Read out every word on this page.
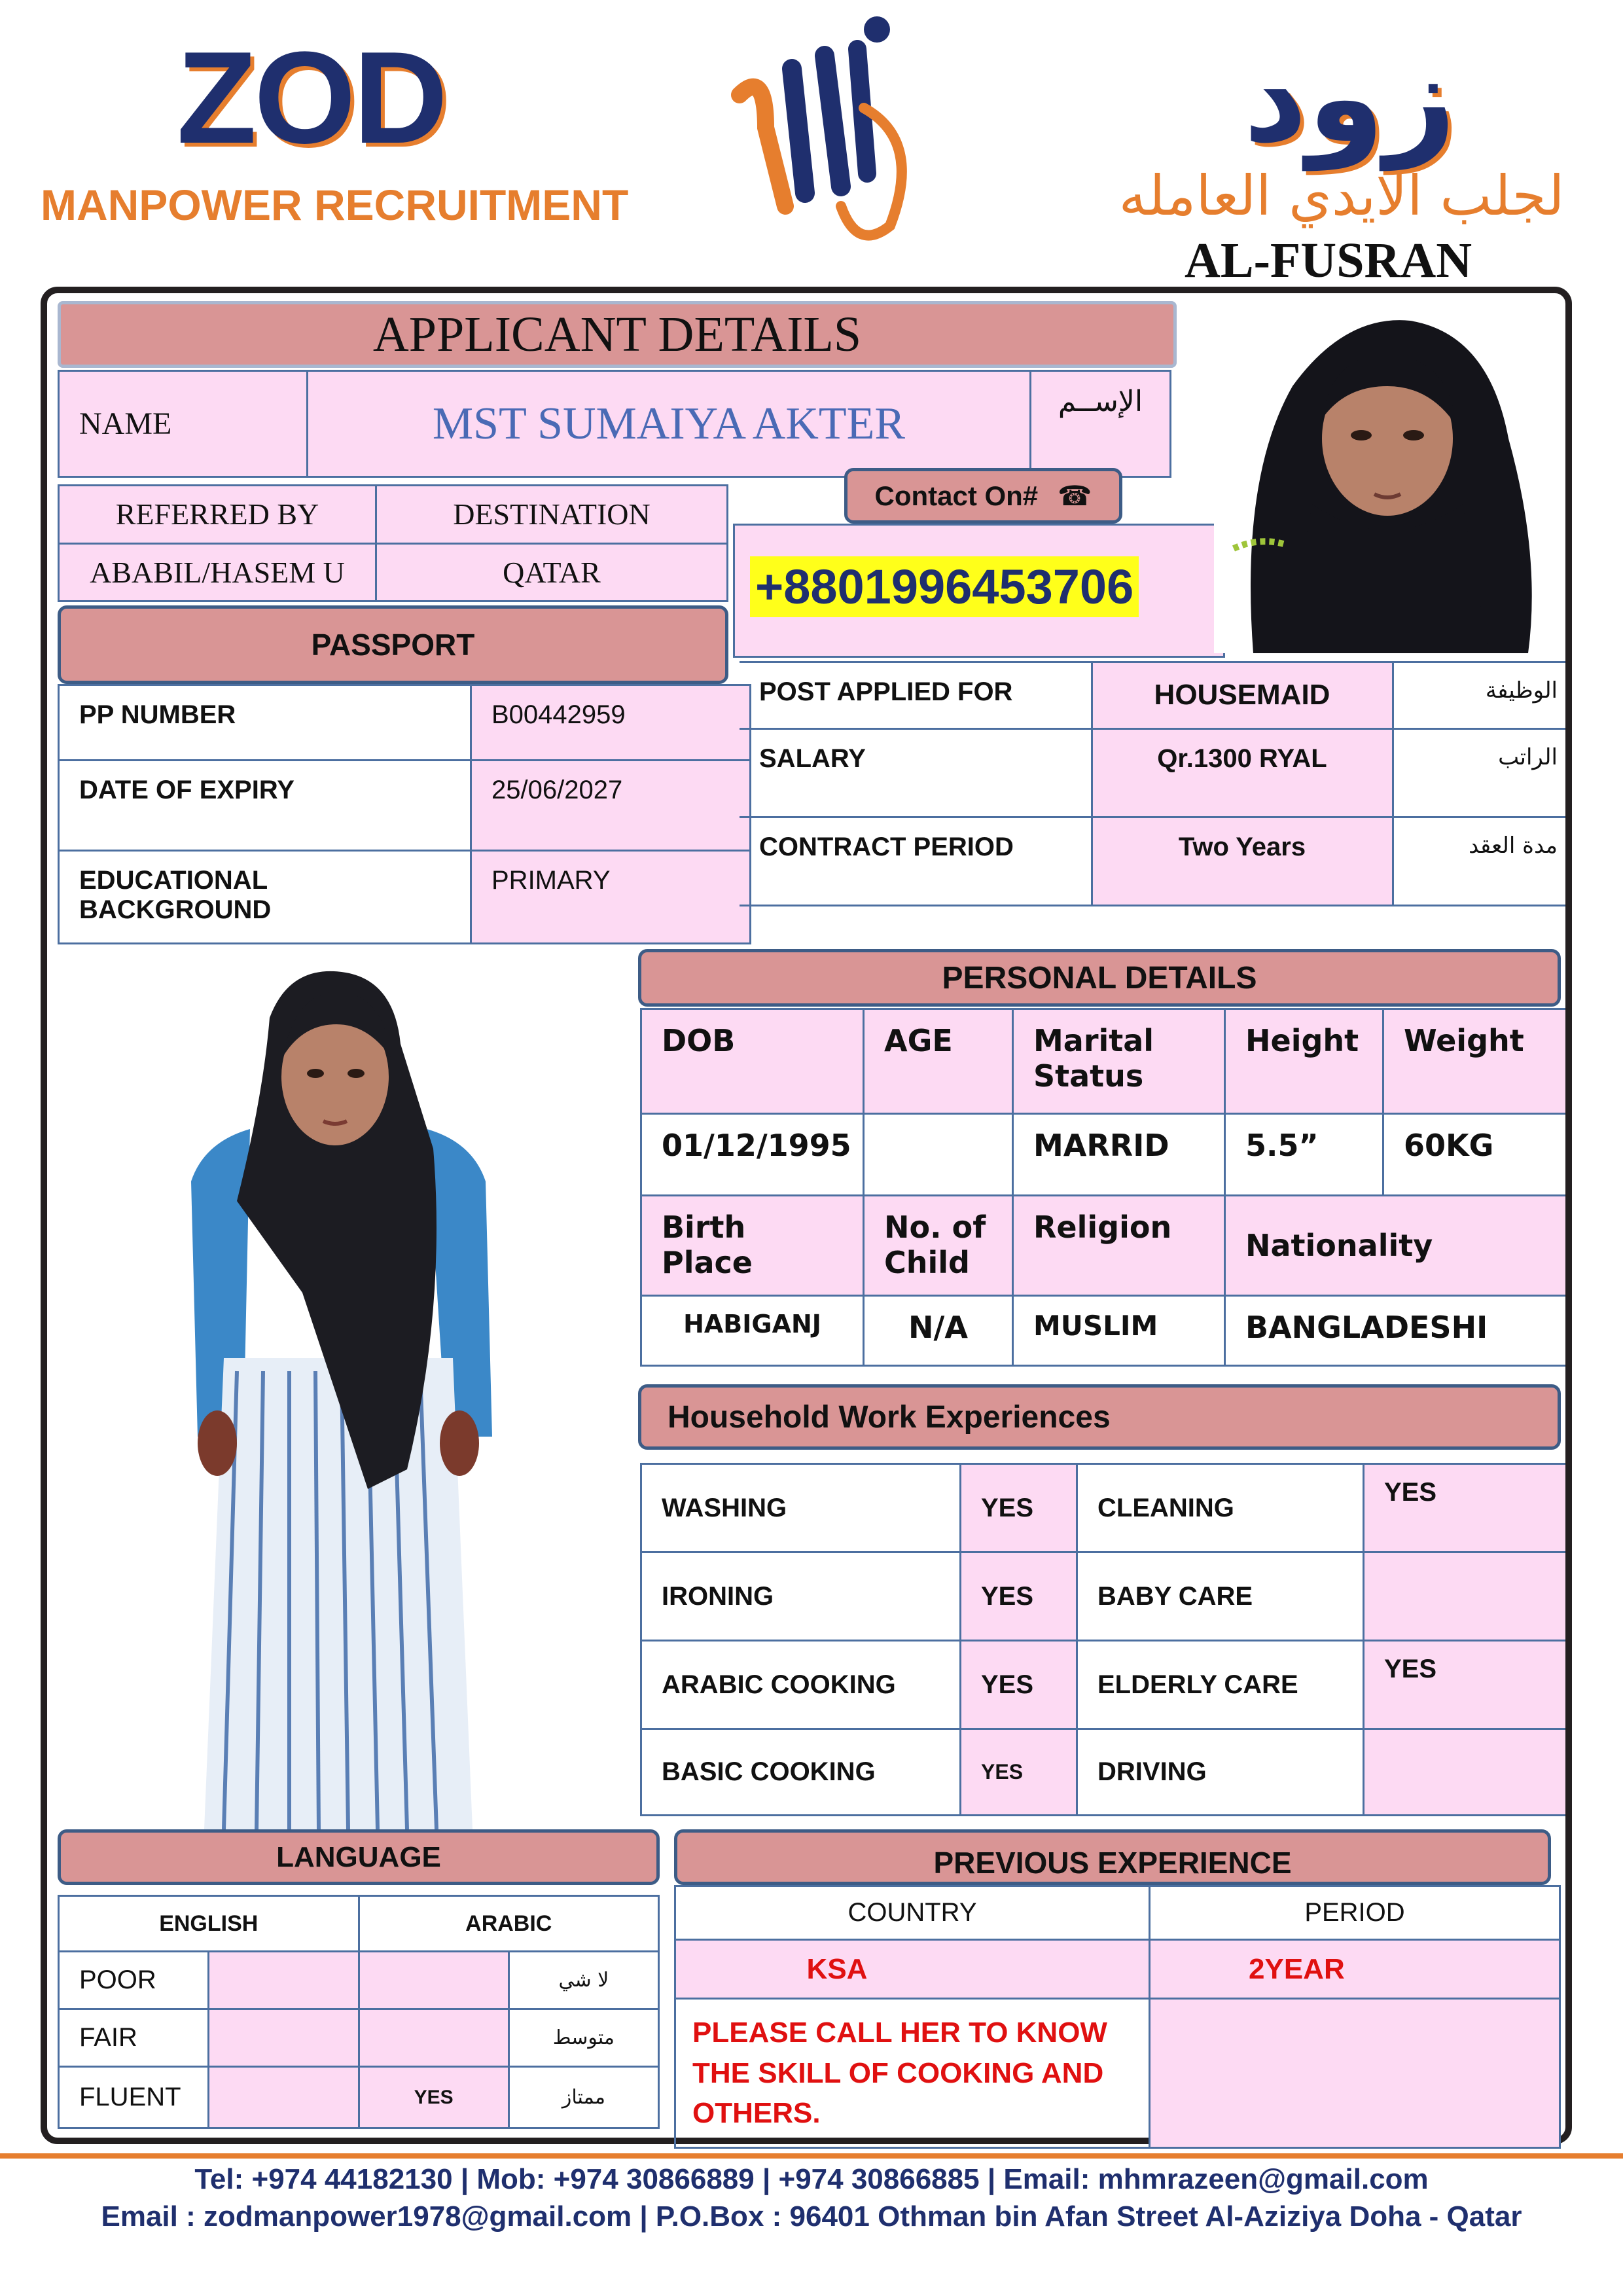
ZOD
MANPOWER RECRUITMENT
زود
لجلب الايدي العامله
AL-FUSRAN
APPLICANT DETAILS
NAME	MST SUMAIYA AKTER	الإســم
REFERRED BY	DESTINATION
ABABIL/HASEM U	QATAR
Contact On# ☎
+8801996453706
PASSPORT
PP NUMBER	B00442959
DATE OF EXPIRY	25/06/2027
EDUCATIONAL BACKGROUND	PRIMARY
POST APPLIED FOR	HOUSEMAID	الوظيفة
SALARY	Qr.1300 RYAL	الراتب
CONTRACT PERIOD	Two Years	مدة العقد
PERSONAL DETAILS
DOB	AGE	Marital Status	Height	Weight
01/12/1995		MARRID	5.5”	60KG
Birth Place	No. of Child	Religion	Nationality	
HABIGANJ	N/A	MUSLIM	BANGLADESHI	
Household Work Experiences
WASHING	YES	CLEANING	YES
IRONING	YES	BABY CARE	
ARABIC COOKING	YES	ELDERLY CARE	YES
BASIC COOKING	YES	DRIVING	
LANGUAGE
ENGLISH		ARABIC	
POOR			لا شي
FAIR			متوسط
FLUENT		YES	ممتاز
PREVIOUS EXPERIENCE
COUNTRY	PERIOD
KSA	2YEAR
PLEASE CALL HER TO KNOW THE SKILL OF COOKING AND OTHERS.	
Tel: +974 44182130 | Mob: +974 30866889 | +974 30866885 | Email: mhmrazeen@gmail.com
Email : zodmanpower1978@gmail.com | P.O.Box : 96401 Othman bin Afan Street Al-Aziziya Doha - Qatar
